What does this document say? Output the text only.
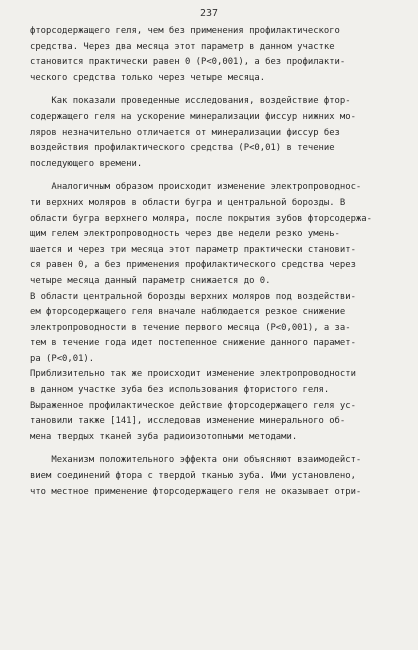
237
фторсодержащего геля, чем без применения профилактического
средства. Через два месяца этот параметр в данном участке
становится практически равен 0 (P<0,001), а без профилакти-
ческого средства только через четыре месяца.
Как показали проведенные исследования, воздействие фтор-
содержащего геля на ускорение минерализации фиссур нижних мо-
ляров незначительно отличается от минерализации фиссур без
воздействия профилактического средства (P<0,01) в течение
последующего времени.
Аналогичным образом происходит изменение электропроводнос-
ти верхних моляров в области бугра и центральной борозды. В
области бугра верхнего моляра, после покрытия зубов фторсодержа-
щим гелем электропроводность через две недели резко умень-
шается и через три месяца этот параметр практически становит-
ся равен 0, а без применения профилактического средства через
четыре месяца данный параметр снижается до 0.
В области центральной борозды верхних моляров под воздействи-
ем фторсодержащего геля вначале наблюдается резкое снижение
электропроводности в течение первого месяца (P<0,001), а за-
тем в течение года идет постепенное снижение данного парамет-
ра (P<0,01).
Приблизительно так же происходит изменение электропроводности
в данном участке зуба без использования фтористого геля.
Выраженное профилактическое действие фторсодержащего геля ус-
тановили также [141], исследовав изменение минерального об-
мена твердых тканей зуба радиоизотопными методами.
Механизм положительного эффекта они объясняют взаимодейст-
вием соединений фтора с твердой тканью зуба. Ими установлено,
что местное применение фторсодержащего геля не оказывает отри-
